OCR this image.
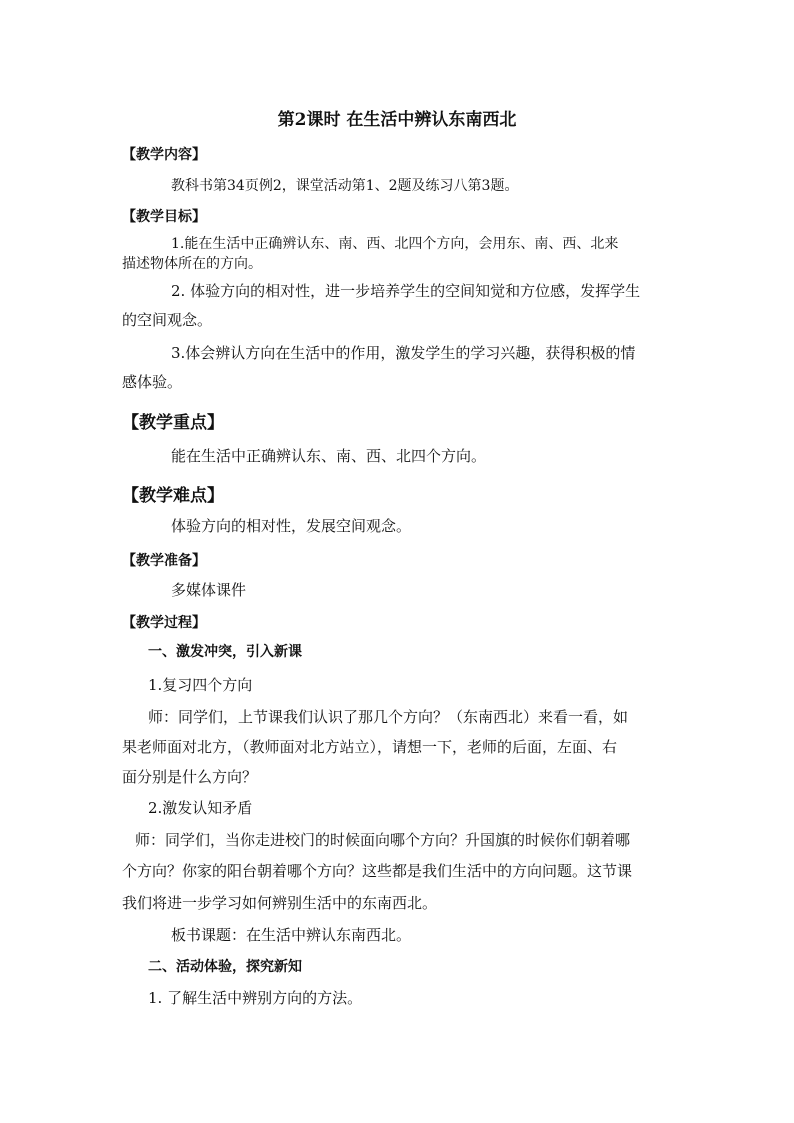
第2课时 在生活中辨认东南西北
【教学内容】
教科书第34页例2，课堂活动第1、2题及练习八第3题。
【教学目标】
1.能在生活中正确辨认东、南、西、北四个方向，会用东、南、西、北来
描述物体所在的方向。
2. 体验方向的相对性，进一步培养学生的空间知觉和方位感，发挥学生
的空间观念。
3.体会辨认方向在生活中的作用，激发学生的学习兴趣，获得积极的情
感体验。
【教学重点】
能在生活中正确辨认东、南、西、北四个方向。
【教学难点】
体验方向的相对性，发展空间观念。
【教学准备】
多媒体课件
【教学过程】
一、激发冲突，引入新课
1.复习四个方向
师：同学们，上节课我们认识了那几个方向？（东南西北）来看一看，如
果老师面对北方，（教师面对北方站立），请想一下，老师的后面，左面、右
面分别是什么方向？
2.激发认知矛盾
师：同学们，当你走进校门的时候面向哪个方向？升国旗的时候你们朝着哪
个方向？你家的阳台朝着哪个方向？这些都是我们生活中的方向问题。这节课
我们将进一步学习如何辨别生活中的东南西北。
板书课题：在生活中辨认东南西北。
二、活动体验，探究新知
1. 了解生活中辨别方向的方法。
